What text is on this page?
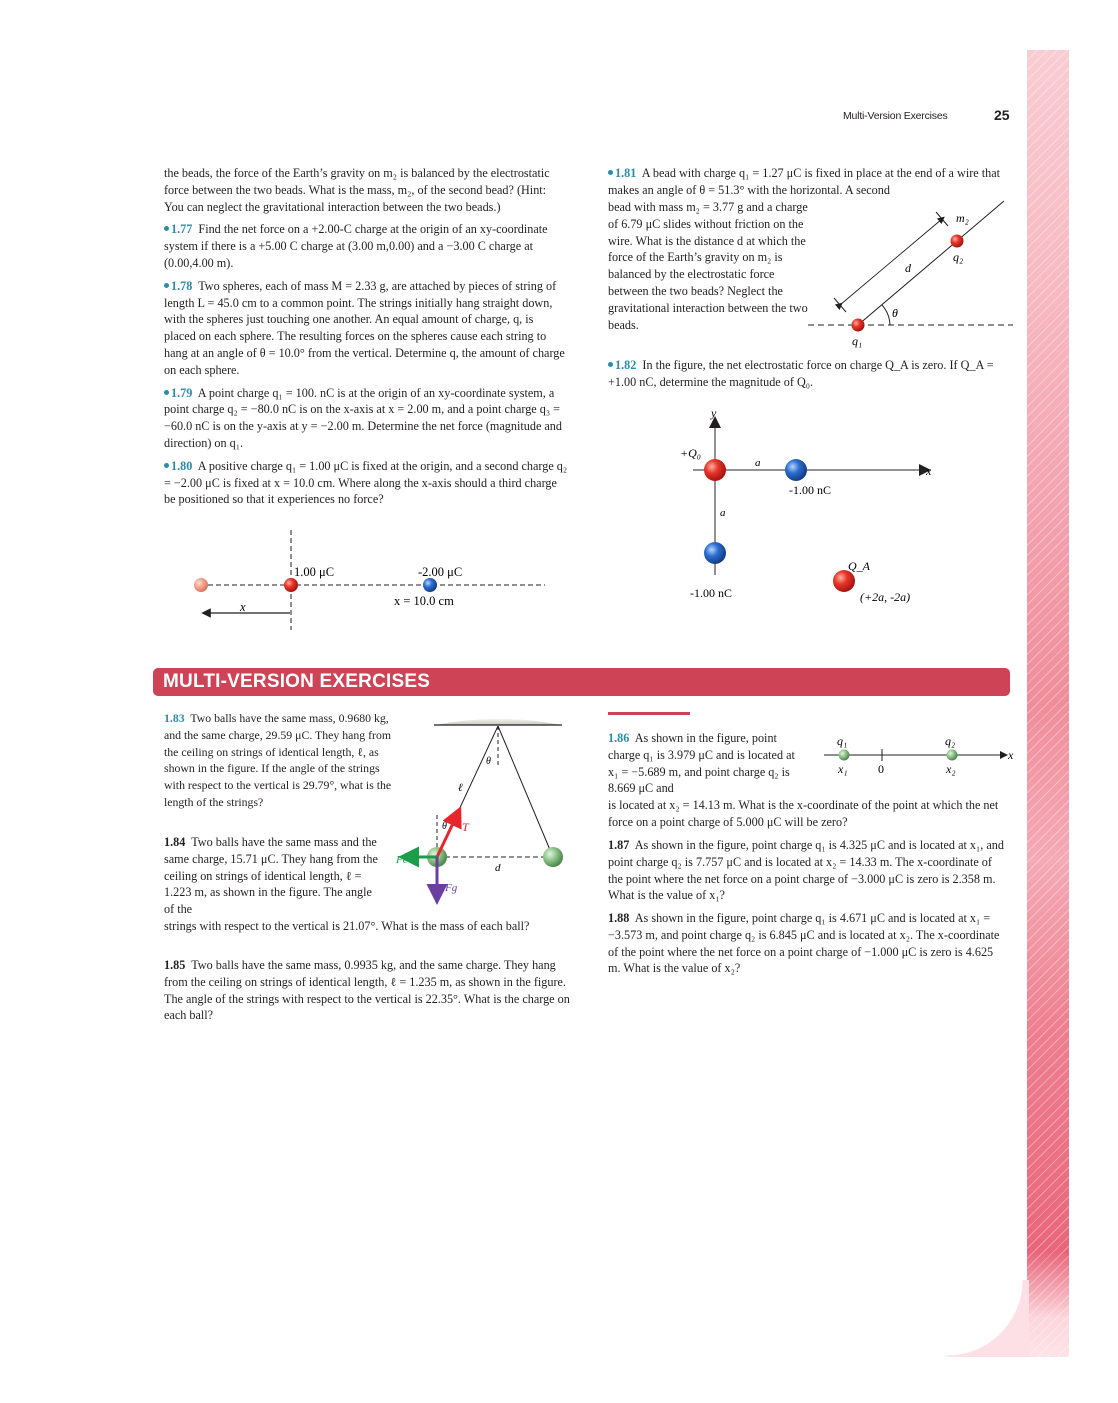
Multi-Version Exercises	25

the beads, the force of the Earth’s gravity on m₂ is balanced by the electrostatic force between the two beads. What is the mass, m₂, of the second bead? (Hint: You can neglect the gravitational interaction between the two beads.)

1.77 Find the net force on a +2.00-C charge at the origin of an xy-coordinate system if there is a +5.00 C charge at (3.00 m,0.00) and a −3.00 C charge at (0.00,4.00 m).

1.78 Two spheres, each of mass M = 2.33 g, are attached by pieces of string of length L = 45.0 cm to a common point. The strings initially hang straight down, with the spheres just touching one another. An equal amount of charge, q, is placed on each sphere. The resulting forces on the spheres cause each string to hang at an angle of θ = 10.0° from the vertical. Determine q, the amount of charge on each sphere.

1.79 A point charge q₁ = 100. nC is at the origin of an xy-coordinate system, a point charge q₂ = −80.0 nC is on the x-axis at x = 2.00 m, and a point charge q₃ = −60.0 nC is on the y-axis at y = −2.00 m. Determine the net force (magnitude and direction) on q₁.

1.80 A positive charge q₁ = 1.00 μC is fixed at the origin, and a second charge q₂ = −2.00 μC is fixed at x = 10.0 cm. Where along the x-axis should a third charge be positioned so that it experiences no force?

1.00 μC	-2.00 μC
x = 10.0 cm
x
1.81 A bead with charge q₁ = 1.27 μC is fixed in place at the end of a wire that makes an angle of θ = 51.3° with the horizontal. A second
bead with mass m₂ = 3.77 g and a charge of 6.79 μC slides without friction on the wire. What is the distance d at which the force of the Earth’s gravity on m₂ is balanced by the electrostatic force between the two beads? Neglect the gravitational interaction between the two beads.
m₂
q₂
q₁
d
θ
1.82 In the figure, the net electrostatic force on charge Q_A is zero. If Q_A = +1.00 nC, determine the magnitude of Q₀.
y
x
+Q₀
a
a
-1.00 nC
-1.00 nC
Q_A
(+2a, -2a)
MULTI-VERSION EXERCISES
1.83 Two balls have the same mass, 0.9680 kg, and the same charge, 29.59 μC. They hang from the ceiling on strings of identical length, ℓ, as shown in the figure. If the angle of the strings with respect to the vertical is 29.79°, what is the length of the strings?
1.84 Two balls have the same mass and the same charge, 15.71 μC. They hang from the ceiling on strings of identical length, ℓ = 1.223 m, as shown in the figure. The angle of the
strings with respect to the vertical is 21.07°. What is the mass of each ball?
1.85 Two balls have the same mass, 0.9935 kg, and the same charge. They hang from the ceiling on strings of identical length, ℓ = 1.235 m, as shown in the figure. The angle of the strings with respect to the vertical is 22.35°. What is the charge on each ball?
θ
ℓ
θ T
Fe
Fg
d
1.86 As shown in the figure, point charge q₁ is 3.979 μC and is located at x₁ = −5.689 m, and point charge q₂ is 8.669 μC and
is located at x₂ = 14.13 m. What is the x-coordinate of the point at which the net force on a point charge of 5.000 μC will be zero?
1.87 As shown in the figure, point charge q₁ is 4.325 μC and is located at x₁, and point charge q₂ is 7.757 μC and is located at x₂ = 14.33 m. The x-coordinate of the point where the net force on a point charge of −3.000 μC is zero is 2.358 m. What is the value of x₁?
1.88 As shown in the figure, point charge q₁ is 4.671 μC and is located at x₁ = −3.573 m, and point charge q₂ is 6.845 μC and is located at x₂. The x-coordinate of the point where the net force on a point charge of −1.000 μC is zero is 4.625 m. What is the value of x₂?
q₁	q₂
x₁	0	x₂
x
